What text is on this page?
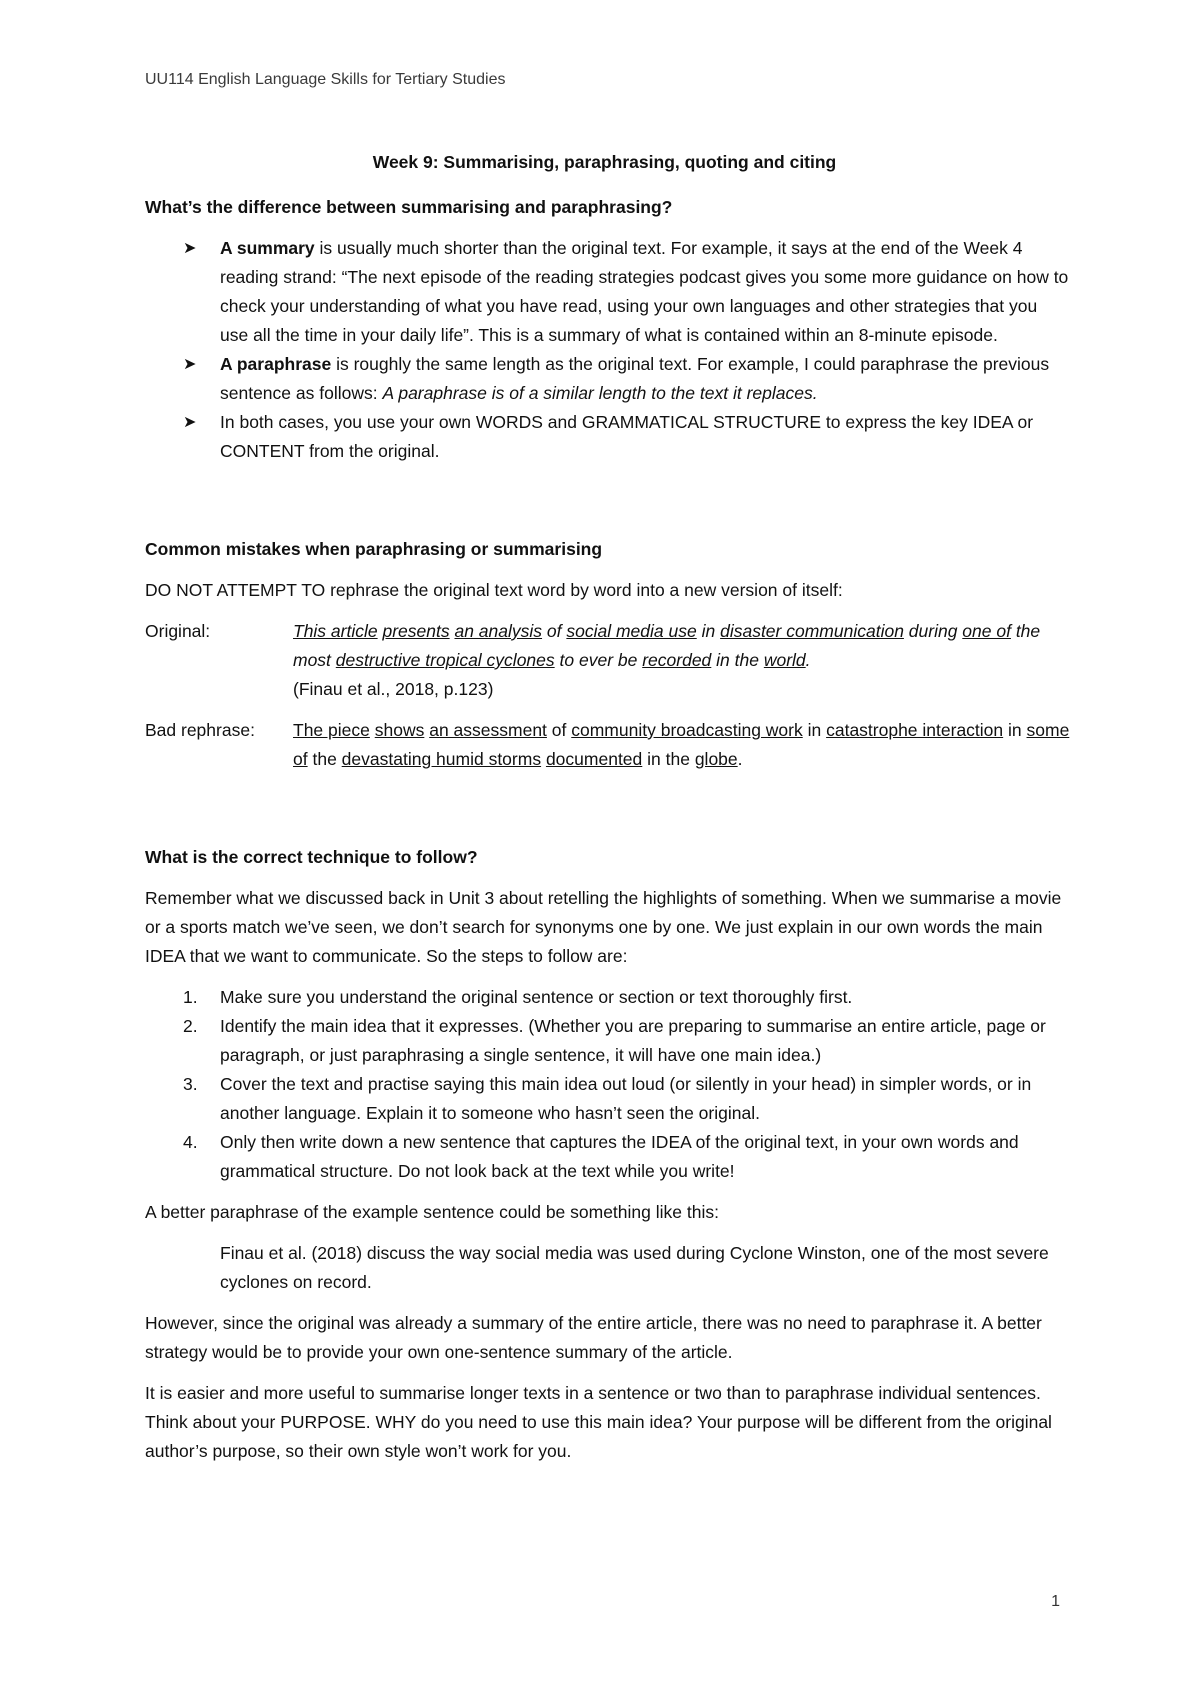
UU114 English Language Skills for Tertiary Studies

Week 9: Summarising, paraphrasing, quoting and citing

What’s the difference between summarising and paraphrasing?

➤ A summary is usually much shorter than the original text. For example, it says at the end of the Week 4 reading strand: “The next episode of the reading strategies podcast gives you some more guidance on how to check your understanding of what you have read, using your own languages and other strategies that you use all the time in your daily life”. This is a summary of what is contained within an 8-minute episode.
➤ A paraphrase is roughly the same length as the original text. For example, I could paraphrase the previous sentence as follows: A paraphrase is of a similar length to the text it replaces.
➤ In both cases, you use your own WORDS and GRAMMATICAL STRUCTURE to express the key IDEA or CONTENT from the original.

Common mistakes when paraphrasing or summarising

DO NOT ATTEMPT TO rephrase the original text word by word into a new version of itself:

Original:	This article presents an analysis of social media use in disaster communication during one of the most destructive tropical cyclones to ever be recorded in the world.
(Finau et al., 2018, p.123)
Bad rephrase:	The piece shows an assessment of community broadcasting work in catastrophe interaction in some of the devastating humid storms documented in the globe.

What is the correct technique to follow?

Remember what we discussed back in Unit 3 about retelling the highlights of something. When we summarise a movie or a sports match we’ve seen, we don’t search for synonyms one by one. We just explain in our own words the main IDEA that we want to communicate. So the steps to follow are:

1. Make sure you understand the original sentence or section or text thoroughly first.
2. Identify the main idea that it expresses. (Whether you are preparing to summarise an entire article, page or paragraph, or just paraphrasing a single sentence, it will have one main idea.)
3. Cover the text and practise saying this main idea out loud (or silently in your head) in simpler words, or in another language. Explain it to someone who hasn’t seen the original.
4. Only then write down a new sentence that captures the IDEA of the original text, in your own words and grammatical structure. Do not look back at the text while you write!

A better paraphrase of the example sentence could be something like this:

Finau et al. (2018) discuss the way social media was used during Cyclone Winston, one of the most severe cyclones on record.

However, since the original was already a summary of the entire article, there was no need to paraphrase it. A better strategy would be to provide your own one-sentence summary of the article.

It is easier and more useful to summarise longer texts in a sentence or two than to paraphrase individual sentences. Think about your PURPOSE. WHY do you need to use this main idea? Your purpose will be different from the original author’s purpose, so their own style won’t work for you.

1
